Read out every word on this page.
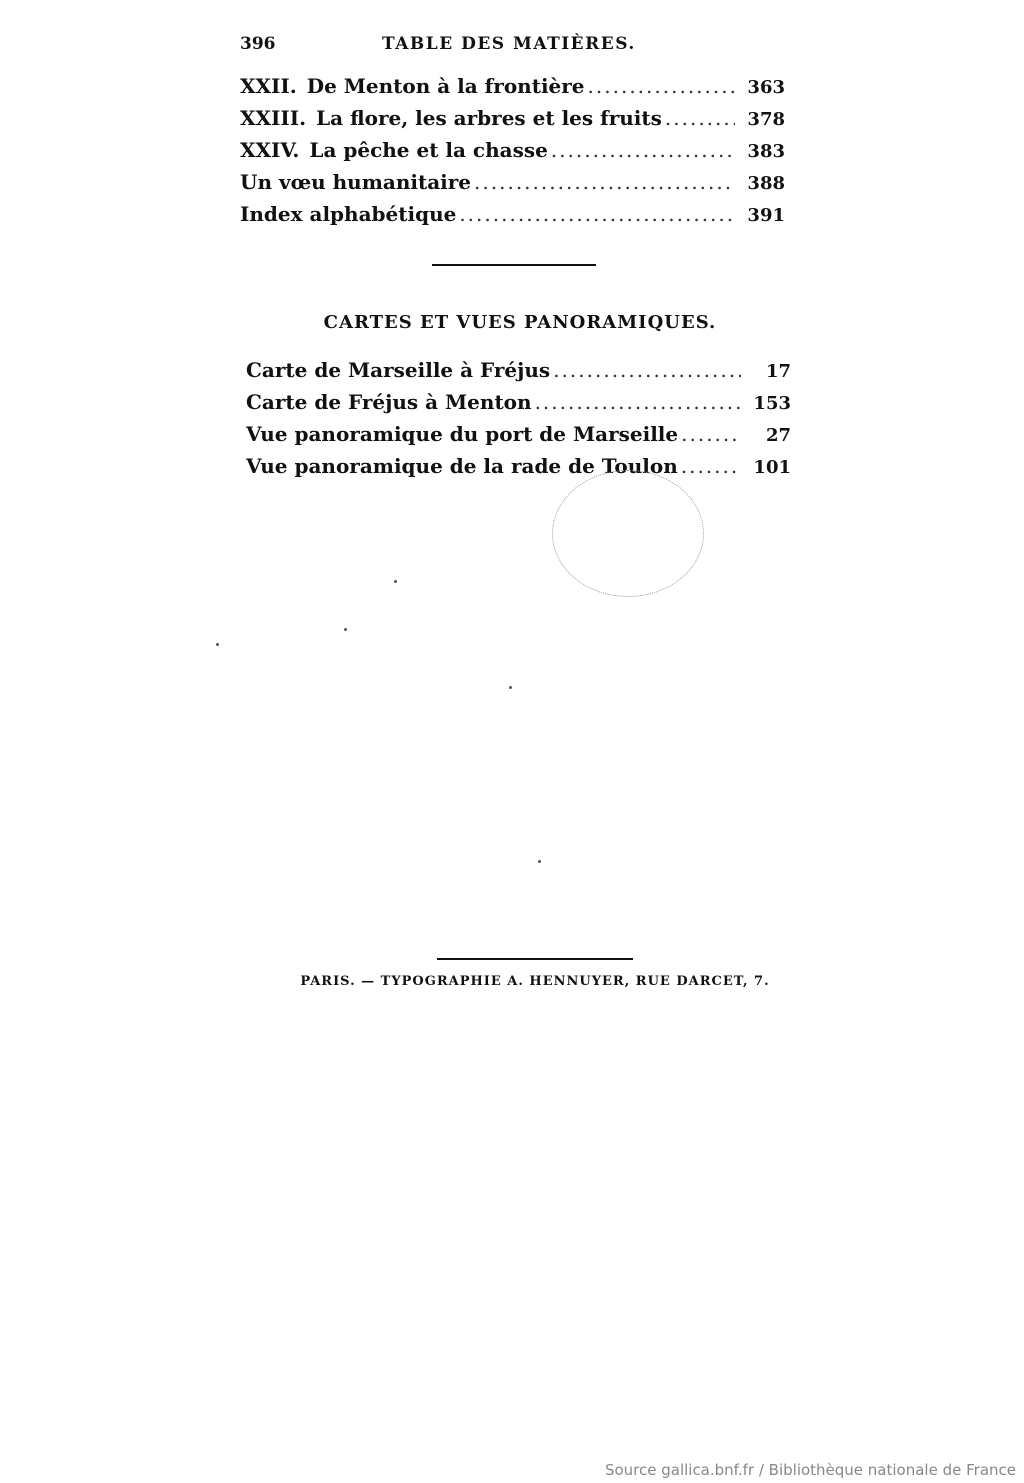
396	TABLE DES MATIÈRES.
XXII. De Menton à la frontière .....	363
XXIII. La flore, les arbres et les fruits .....	378
XXIV. La pêche et la chasse .....	383
Un vœu humanitaire .....	388
Index alphabétique .....	391
CARTES ET VUES PANORAMIQUES.
Carte de Marseille à Fréjus .....	17
Carte de Fréjus à Menton .....	153
Vue panoramique du port de Marseille .....	27
Vue panoramique de la rade de Toulon .....	101
PARIS. — TYPOGRAPHIE A. HENNUYER, RUE DARCET, 7.
Source gallica.bnf.fr / Bibliothèque nationale de France
